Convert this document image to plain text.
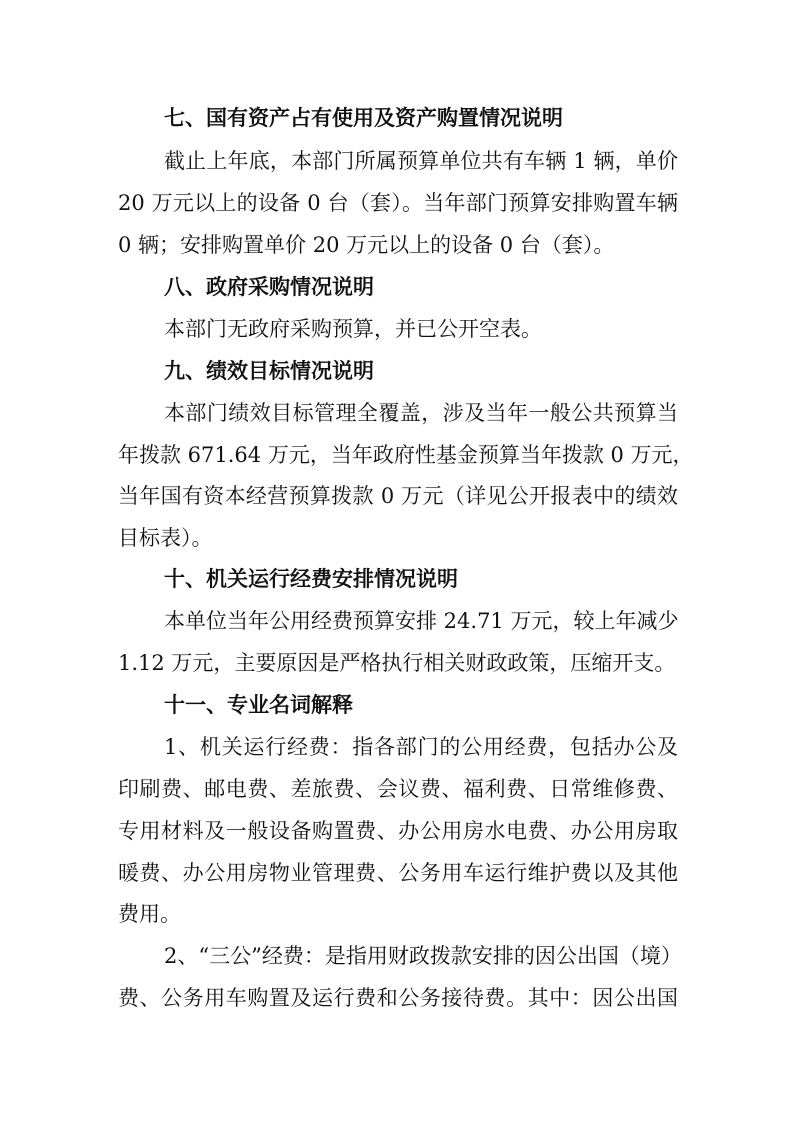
七、国有资产占有使用及资产购置情况说明

截止上年底，本部门所属预算单位共有车辆 1 辆，单价

20 万元以上的设备 0 台（套）。当年部门预算安排购置车辆

0 辆；安排购置单价 20 万元以上的设备 0 台（套）。

八、政府采购情况说明

本部门无政府采购预算，并已公开空表。

九、绩效目标情况说明

本部门绩效目标管理全覆盖，涉及当年一般公共预算当

年拨款 671.64 万元，当年政府性基金预算当年拨款 0 万元，

当年国有资本经营预算拨款 0 万元（详见公开报表中的绩效

目标表）。

十、机关运行经费安排情况说明

本单位当年公用经费预算安排 24.71 万元，较上年减少

1.12 万元，主要原因是严格执行相关财政政策，压缩开支。

十一、专业名词解释

1、机关运行经费：指各部门的公用经费，包括办公及

印刷费、邮电费、差旅费、会议费、福利费、日常维修费、

专用材料及一般设备购置费、办公用房水电费、办公用房取

暖费、办公用房物业管理费、公务用车运行维护费以及其他

费用。

2、“三公”经费：是指用财政拨款安排的因公出国（境）

费、公务用车购置及运行费和公务接待费。其中：因公出国
